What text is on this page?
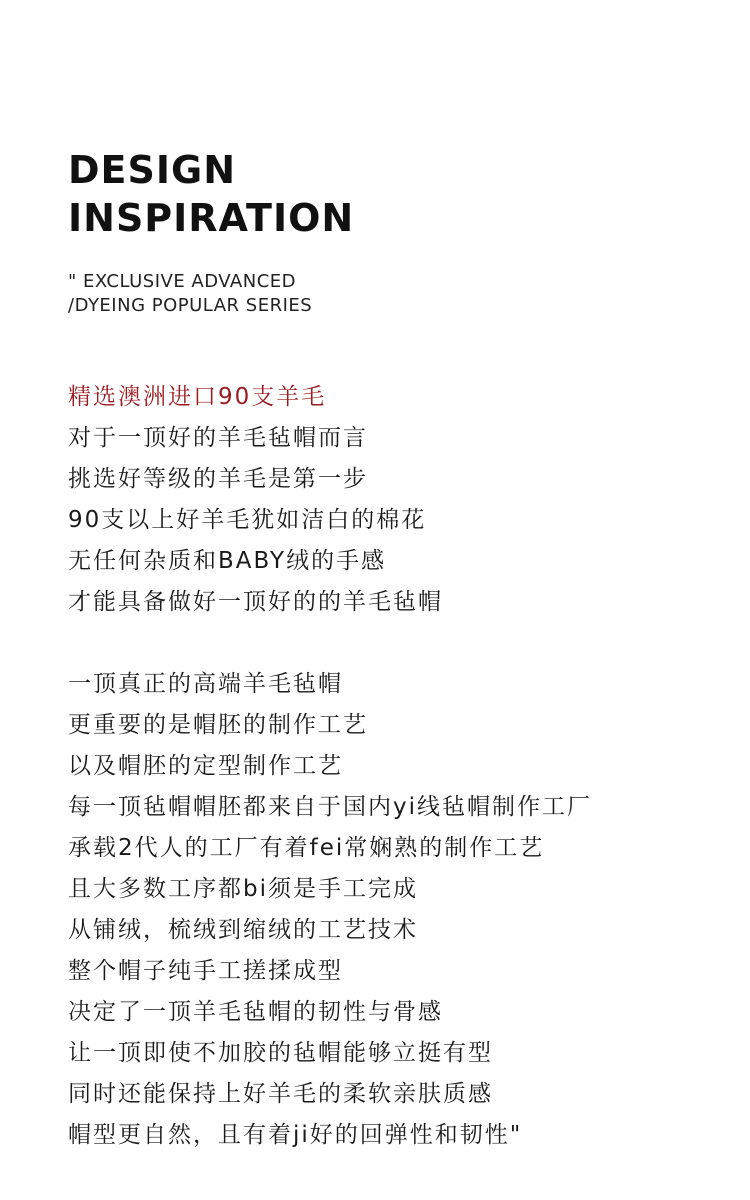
DESIGN
INSPIRATION
" EXCLUSIVE ADVANCED
/DYEING POPULAR SERIES
精选澳洲进口90支羊毛
对于一顶好的羊毛毡帽而言
挑选好等级的羊毛是第一步
90支以上好羊毛犹如洁白的棉花
无任何杂质和BABY绒的手感
才能具备做好一顶好的的羊毛毡帽
一顶真正的高端羊毛毡帽
更重要的是帽胚的制作工艺
以及帽胚的定型制作工艺
每一顶毡帽帽胚都来自于国内yi线毡帽制作工厂
承载2代人的工厂有着fei常娴熟的制作工艺
且大多数工序都bi须是手工完成
从铺绒，梳绒到缩绒的工艺技术
整个帽子纯手工搓揉成型
决定了一顶羊毛毡帽的韧性与骨感
让一顶即使不加胶的毡帽能够立挺有型
同时还能保持上好羊毛的柔软亲肤质感
帽型更自然，且有着ji好的回弹性和韧性"
